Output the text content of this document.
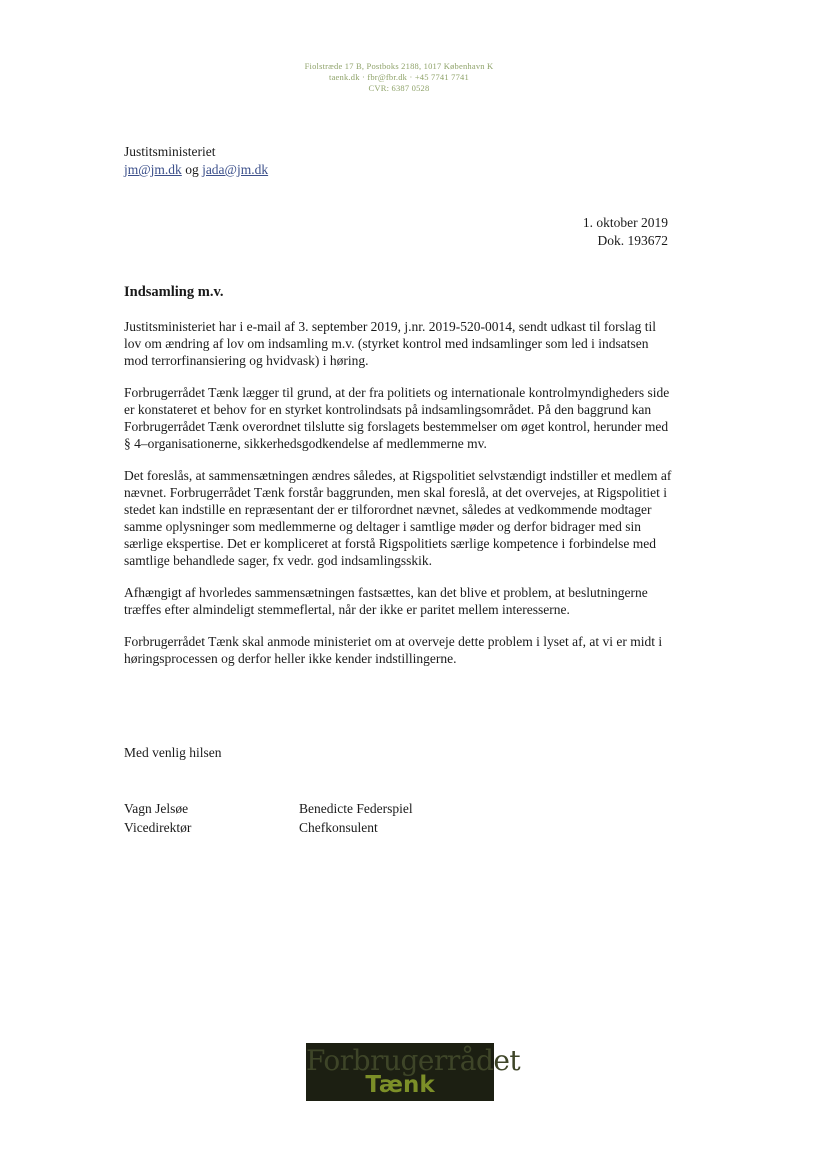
Fiolstræde 17 B, Postboks 2188, 1017 København K
taenk.dk · fbr@fbr.dk · +45 7741 7741
CVR: 6387 0528
Justitsministeriet
jm@jm.dk og jada@jm.dk
1. oktober 2019
Dok. 193672
Indsamling m.v.

Justitsministeriet har i e-mail af 3. september 2019, j.nr. 2019-520-0014, sendt udkast til forslag til lov om ændring af lov om indsamling m.v. (styrket kontrol med indsamlinger som led i indsatsen mod terrorfinansiering og hvidvask) i høring.

Forbrugerrådet Tænk lægger til grund, at der fra politiets og internationale kontrolmyndigheders side er konstateret et behov for en styrket kontrolindsats på indsamlingsområdet. På den baggrund kan Forbrugerrådet Tænk overordnet tilslutte sig forslagets bestemmelser om øget kontrol, herunder med § 4–organisationerne, sikkerhedsgodkendelse af medlemmerne mv.

Det foreslås, at sammensætningen ændres således, at Rigspolitiet selvstændigt indstiller et medlem af nævnet. Forbrugerrådet Tænk forstår baggrunden, men skal foreslå, at det overvejes, at Rigspolitiet i stedet kan indstille en repræsentant der er tilforordnet nævnet, således at vedkommende modtager samme oplysninger som medlemmerne og deltager i samtlige møder og derfor bidrager med sin særlige ekspertise. Det er kompliceret at forstå Rigspolitiets særlige kompetence i forbindelse med samtlige behandlede sager, fx vedr. god indsamlingsskik.

Afhængigt af hvorledes sammensætningen fastsættes, kan det blive et problem, at beslutningerne træffes efter almindeligt stemmeflertal, når der ikke er paritet mellem interesserne.

Forbrugerrådet Tænk skal anmode ministeriet om at overveje dette problem i lyset af, at vi er midt i høringsprocessen og derfor heller ikke kender indstillingerne.

Med venlig hilsen
Vagn Jelsøe
Vicedirektør
Benedicte Federspiel
Chefkonsulent
Forbrugerrådet
Tænk
